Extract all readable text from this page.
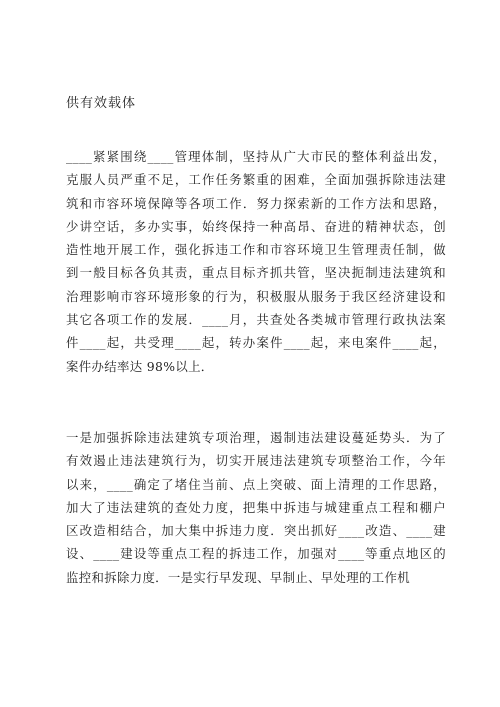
供有效载体

____紧紧围绕____管理体制，坚持从广大市民的整体利益出发，
克服人员严重不足，工作任务繁重的困难，全面加强拆除违法建
筑和市容环境保障等各项工作．努力探索新的工作方法和思路，
少讲空话，多办实事，始终保持一种高昂、奋进的精神状态，创
造性地开展工作，强化拆违工作和市容环境卫生管理责任制，做
到一般目标各负其责，重点目标齐抓共管，坚决扼制违法建筑和
治理影响市容环境形象的行为，积极服从服务于我区经济建设和
其它各项工作的发展．____月，共查处各类城市管理行政执法案
件____起，共受理____起，转办案件____起，来电案件____起，
案件办结率达 98%以上．

一是加强拆除违法建筑专项治理，遏制违法建设蔓延势头．为了
有效遏止违法建筑行为，切实开展违法建筑专项整治工作，今年
以来，____确定了堵住当前、点上突破、面上清理的工作思路，
加大了违法建筑的查处力度，把集中拆违与城建重点工程和棚户
区改造相结合，加大集中拆违力度．突出抓好____改造、____建
设、____建设等重点工程的拆违工作，加强对____等重点地区的
监控和拆除力度．一是实行早发现、早制止、早处理的工作机
